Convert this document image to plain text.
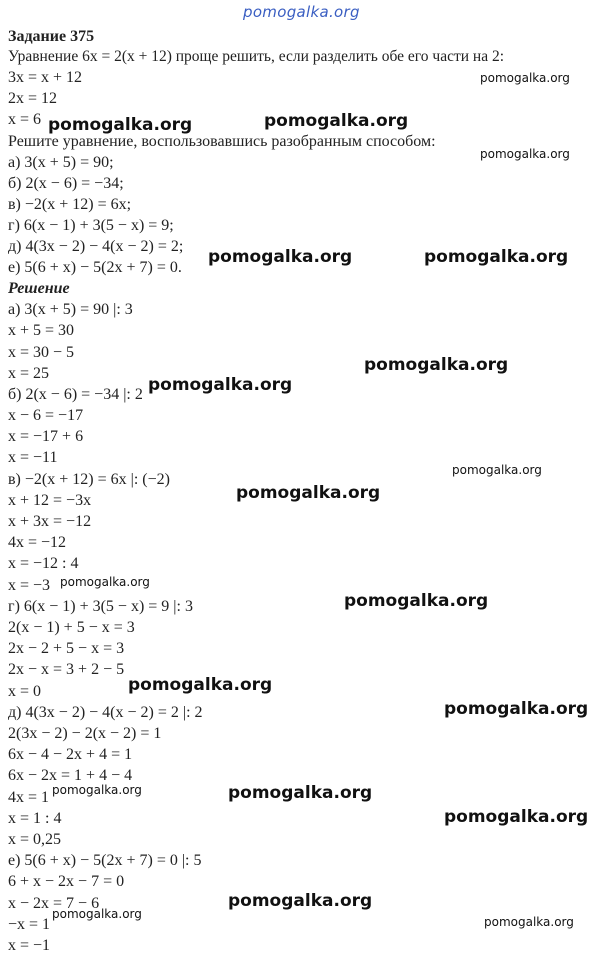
pomogalka.org
Задание 375
Уравнение 6x = 2(x + 12) проще решить, если разделить обе его части на 2:
3x = x + 12
2x = 12
x = 6
Решите уравнение, воспользовавшись разобранным способом:
а) 3(x + 5) = 90;
б) 2(x − 6) = −34;
в) −2(x + 12) = 6x;
г) 6(x − 1) + 3(5 − x) = 9;
д) 4(3x − 2) − 4(x − 2) = 2;
е) 5(6 + x) − 5(2x + 7) = 0.
Решение
а) 3(x + 5) = 90 |: 3
x + 5 = 30
x = 30 − 5
x = 25
б) 2(x − 6) = −34 |: 2
x − 6 = −17
x = −17 + 6
x = −11
в) −2(x + 12) = 6x |: (−2)
x + 12 = −3x
x + 3x = −12
4x = −12
x = −12 : 4
x = −3
г) 6(x − 1) + 3(5 − x) = 9 |: 3
2(x − 1) + 5 − x = 3
2x − 2 + 5 − x = 3
2x − x = 3 + 2 − 5
x = 0
д) 4(3x − 2) − 4(x − 2) = 2 |: 2
2(3x − 2) − 2(x − 2) = 1
6x − 4 − 2x + 4 = 1
6x − 2x = 1 + 4 − 4
4x = 1
x = 1 : 4
x = 0,25
е) 5(6 + x) − 5(2x + 7) = 0 |: 5
6 + x − 2x − 7 = 0
x − 2x = 7 − 6
−x = 1
x = −1
pomogalka.org
pomogalka.org	pomogalka.org
pomogalka.org
pomogalka.org	pomogalka.org
pomogalka.org
pomogalka.org
pomogalka.org
pomogalka.org
pomogalka.org
pomogalka.org
pomogalka.org
pomogalka.org
pomogalka.org	pomogalka.org
pomogalka.org
pomogalka.org
pomogalka.org
pomogalka.org
